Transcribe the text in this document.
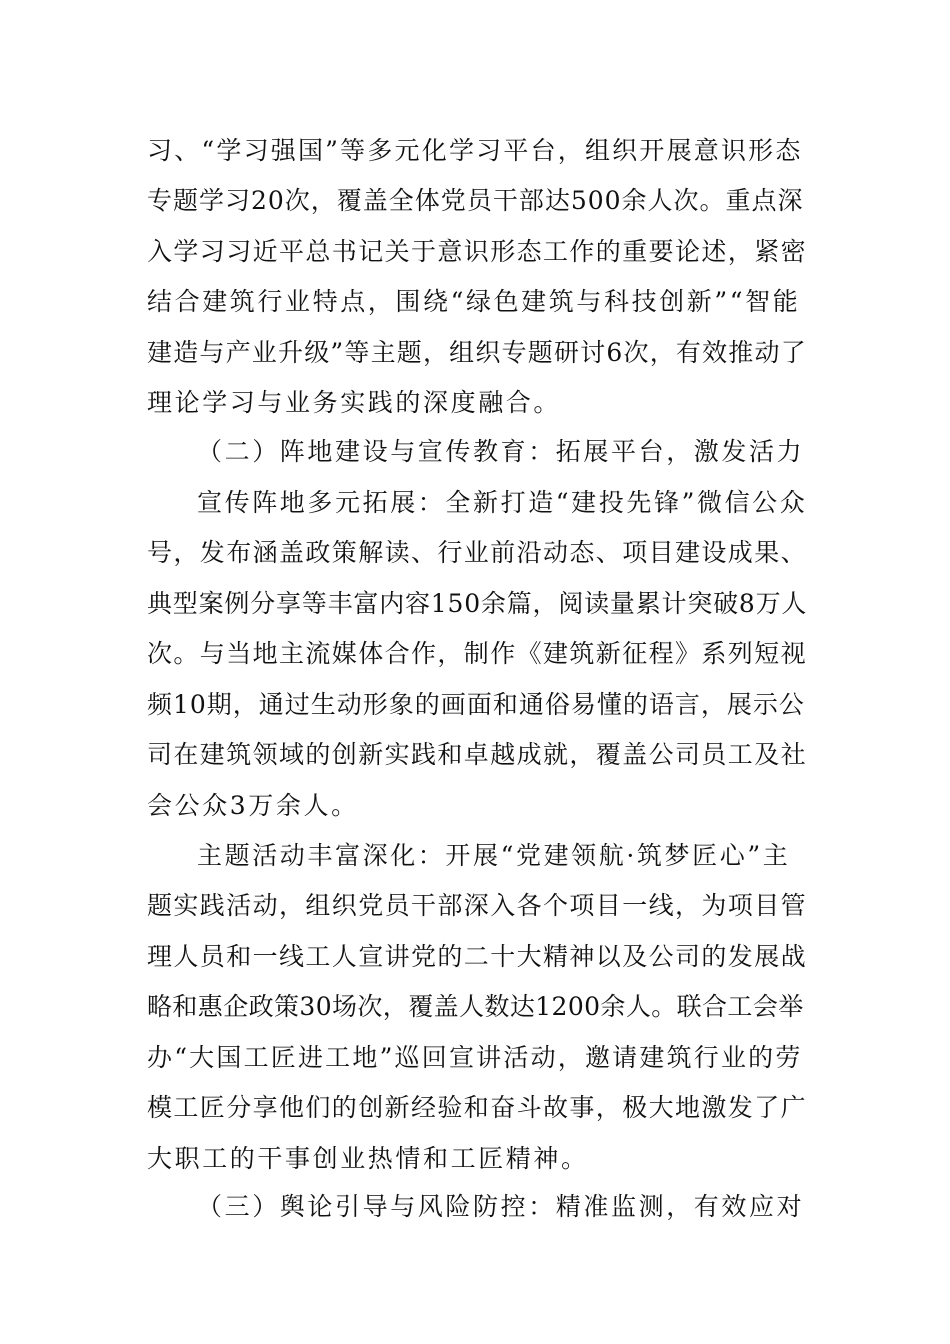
习、“学习强国”等多元化学习平台，组织开展意识形态
专题学习20次，覆盖全体党员干部达500余人次。重点深
入学习习近平总书记关于意识形态工作的重要论述，紧密
结合建筑行业特点，围绕“绿色建筑与科技创新”“智能
建造与产业升级”等主题，组织专题研讨6次，有效推动了
理论学习与业务实践的深度融合。
（二）阵地建设与宣传教育：拓展平台，激发活力
宣传阵地多元拓展：全新打造“建投先锋”微信公众
号，发布涵盖政策解读、行业前沿动态、项目建设成果、
典型案例分享等丰富内容150余篇，阅读量累计突破8万人
次。与当地主流媒体合作，制作《建筑新征程》系列短视
频10期，通过生动形象的画面和通俗易懂的语言，展示公
司在建筑领域的创新实践和卓越成就，覆盖公司员工及社
会公众3万余人。
主题活动丰富深化：开展“党建领航·筑梦匠心”主
题实践活动，组织党员干部深入各个项目一线，为项目管
理人员和一线工人宣讲党的二十大精神以及公司的发展战
略和惠企政策30场次，覆盖人数达1200余人。联合工会举
办“大国工匠进工地”巡回宣讲活动，邀请建筑行业的劳
模工匠分享他们的创新经验和奋斗故事，极大地激发了广
大职工的干事创业热情和工匠精神。
（三）舆论引导与风险防控：精准监测，有效应对
